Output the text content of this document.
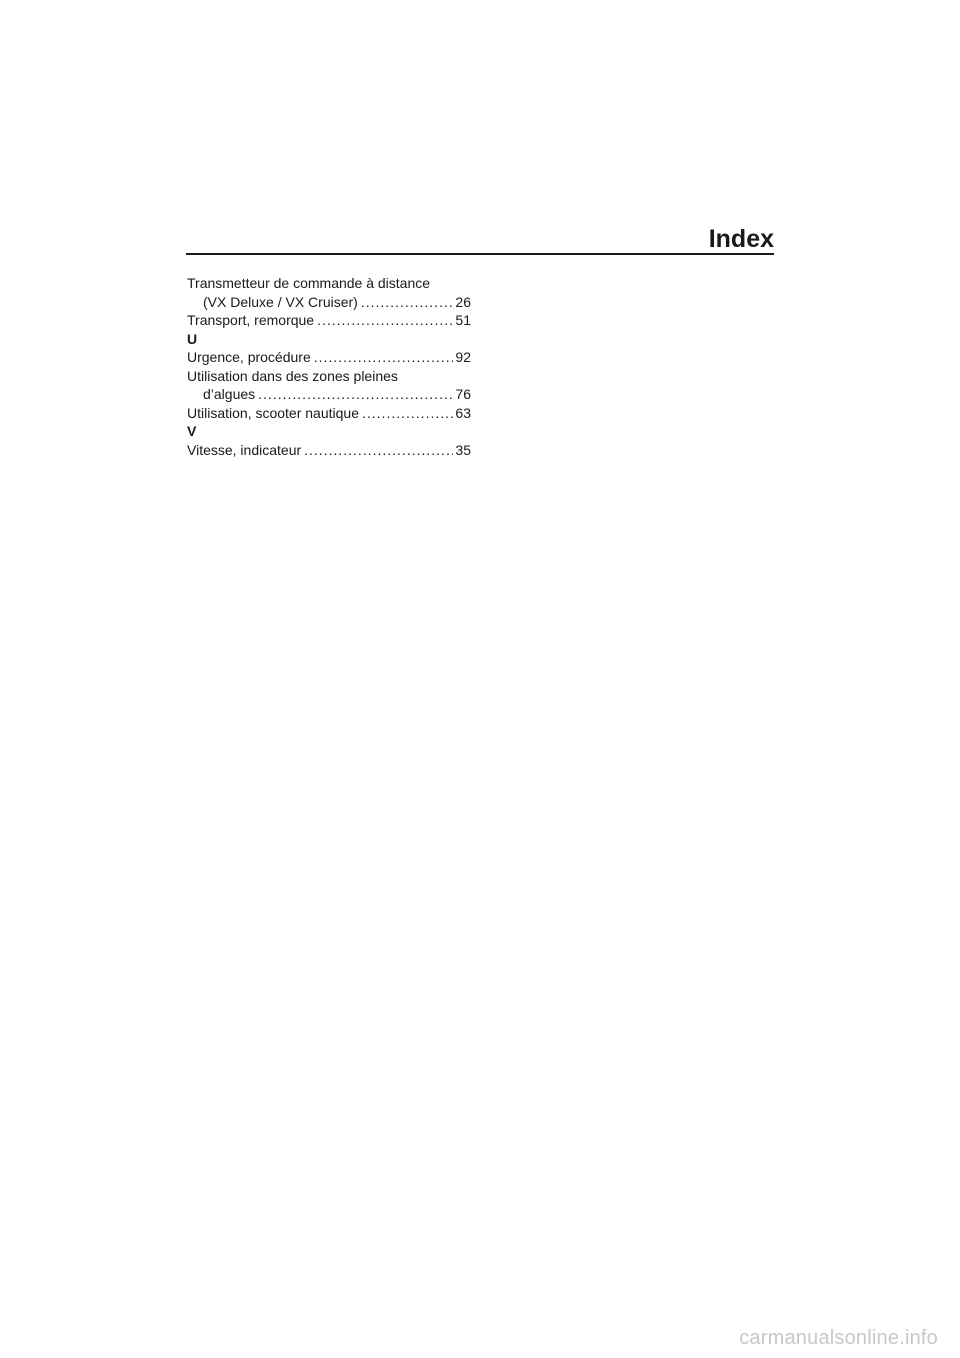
Index
Transmetteur de commande à distance
(VX Deluxe / VX Cruiser) .....	26
Transport, remorque .....	51
U
Urgence, procédure .....	92
Utilisation dans des zones pleines
d’algues .....	76
Utilisation, scooter nautique .....	63
V
Vitesse, indicateur .....	35

carmanualsonline.info
